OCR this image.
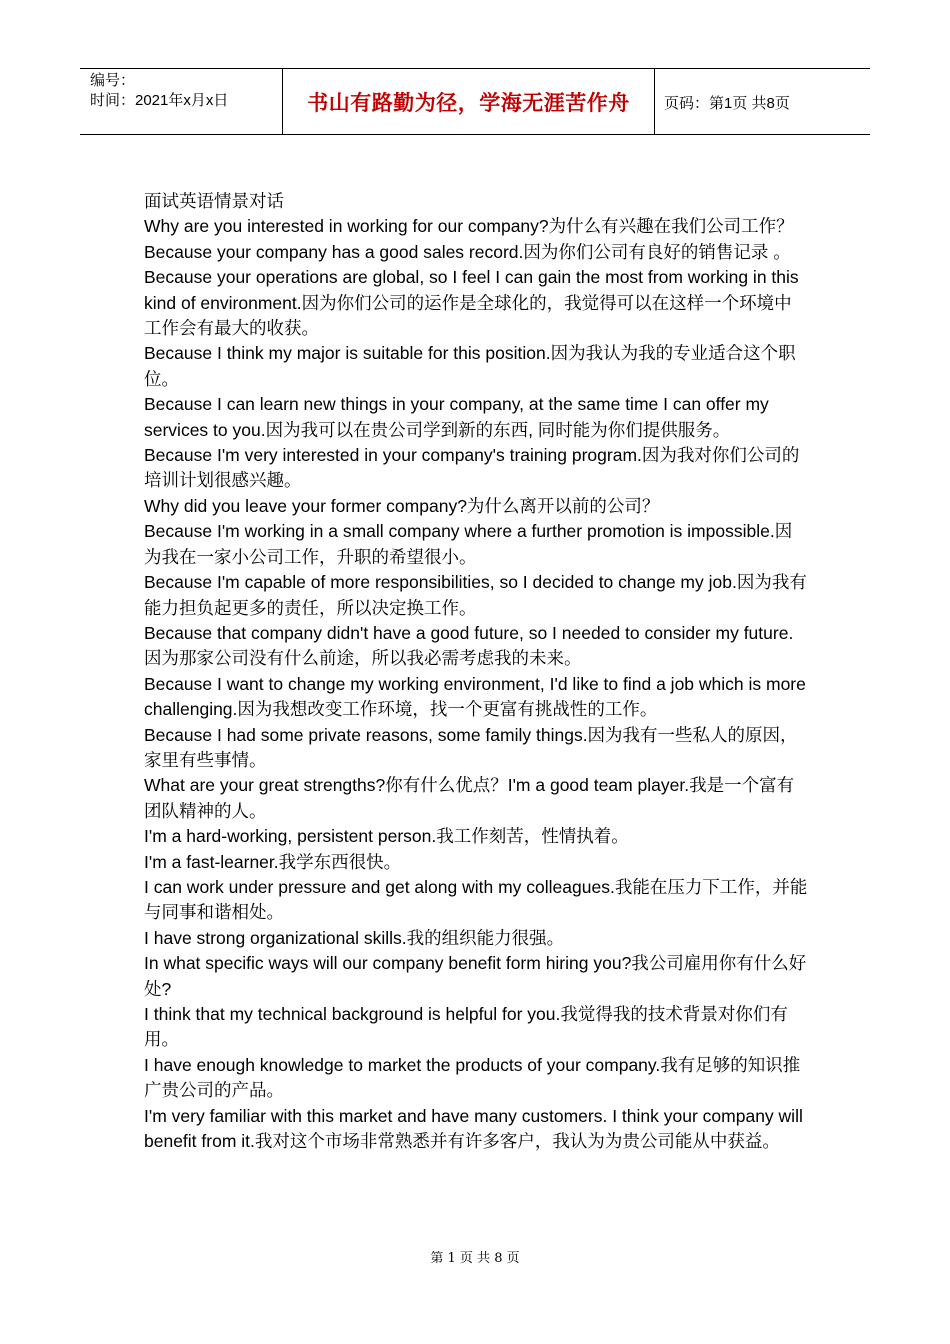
编号：
时间：2021年x月x日	书山有路勤为径，学海无涯苦作舟	页码：第1页 共8页

面试英语情景对话

Why are you interested in working for our company?为什么有兴趣在我们公司工作？

Because your company has a good sales record.因为你们公司有良好的销售记录 。Because your operations are global, so I feel I can gain the most from working in this kind of environment.因为你们公司的运作是全球化的，我觉得可以在这样一个环境中工作会有最大的收获。

Because I think my major is suitable for this position.因为我认为我的专业适合这个职位。

Because I can learn new things in your company, at the same time I can offer my services to you.因为我可以在贵公司学到新的东西, 同时能为你们提供服务。

Because I'm very interested in your company's training program.因为我对你们公司的培训计划很感兴趣。

Why did you leave your former company?为什么离开以前的公司？

Because I'm working in a small company where a further promotion is impossible.因为我在一家小公司工作，升职的希望很小。

Because I'm capable of more responsibilities, so I decided to change my job.因为我有能力担负起更多的责任，所以决定换工作。

Because that company didn't have a good future, so I needed to consider my future.因为那家公司没有什么前途，所以我必需考虑我的未来。

Because I want to change my working environment, I'd like to find a job which is more challenging.因为我想改变工作环境，找一个更富有挑战性的工作。

Because I had some private reasons, some family things.因为我有一些私人的原因，家里有些事情。

What are your great strengths?你有什么优点？I'm a good team player.我是一个富有团队精神的人。

I'm a hard-working, persistent person.我工作刻苦，性情执着。

I'm a fast-learner.我学东西很快。

I can work under pressure and get along with my colleagues.我能在压力下工作，并能与同事和谐相处。

I have strong organizational skills.我的组织能力很强。

In what specific ways will our company benefit form hiring you?我公司雇用你有什么好处?

I think that my technical background is helpful for you.我觉得我的技术背景对你们有用。

I have enough knowledge to market the products of your company.我有足够的知识推广贵公司的产品。

I'm very familiar with this market and have many customers. I think your company will benefit from it.我对这个市场非常熟悉并有许多客户，我认为为贵公司能从中获益。

第 1 页 共 8 页
